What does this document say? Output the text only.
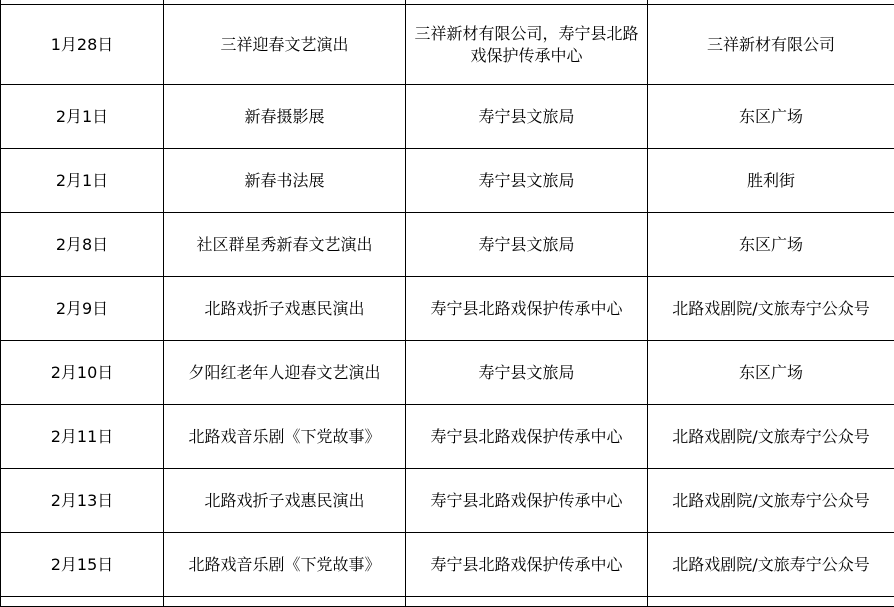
1月28日	三祥迎春文艺演出	三祥新材有限公司，寿宁县北路戏保护传承中心	三祥新材有限公司
2月1日	新春摄影展	寿宁县文旅局	东区广场
2月1日	新春书法展	寿宁县文旅局	胜利街
2月8日	社区群星秀新春文艺演出	寿宁县文旅局	东区广场
2月9日	北路戏折子戏惠民演出	寿宁县北路戏保护传承中心	北路戏剧院/文旅寿宁公众号
2月10日	夕阳红老年人迎春文艺演出	寿宁县文旅局	东区广场
2月11日	北路戏音乐剧《下党故事》	寿宁县北路戏保护传承中心	北路戏剧院/文旅寿宁公众号
2月13日	北路戏折子戏惠民演出	寿宁县北路戏保护传承中心	北路戏剧院/文旅寿宁公众号
2月15日	北路戏音乐剧《下党故事》	寿宁县北路戏保护传承中心	北路戏剧院/文旅寿宁公众号
